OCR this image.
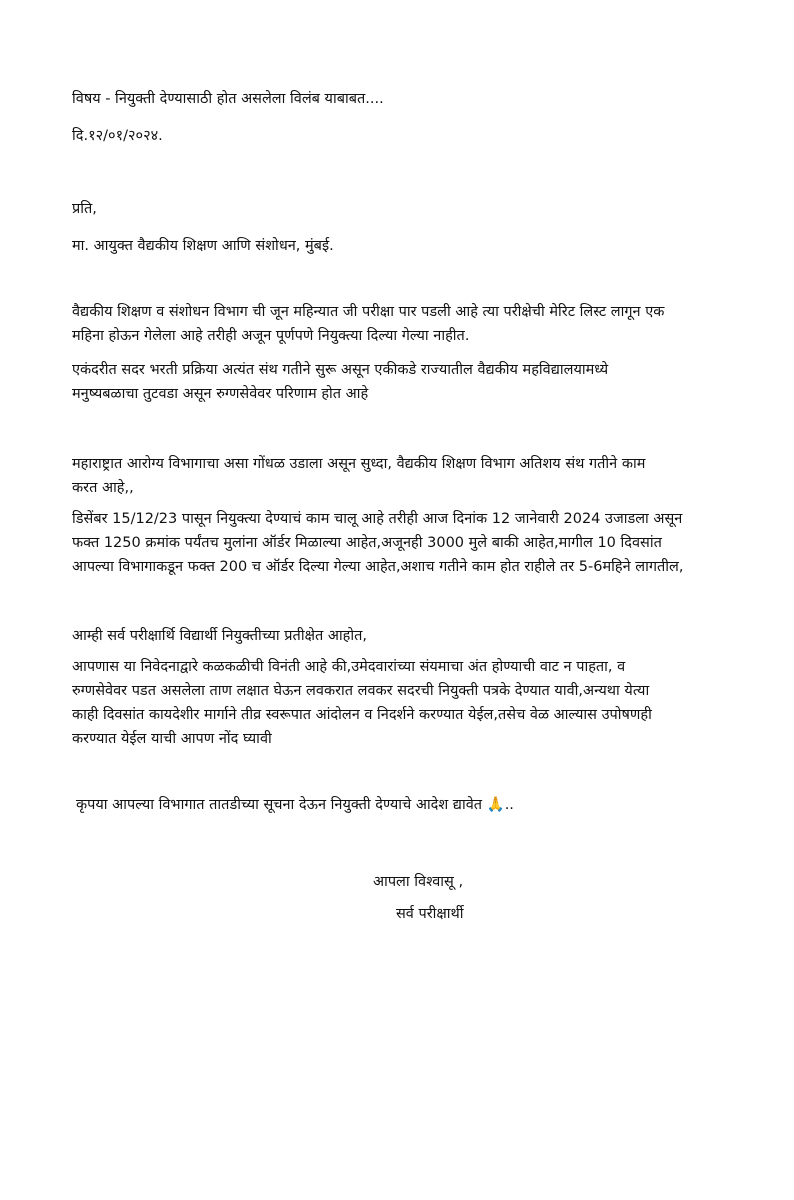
विषय - नियुक्ती देण्यासाठी होत असलेला विलंब याबाबत....
दि.१२/०१/२०२४.
प्रति,
मा. आयुक्त वैद्यकीय शिक्षण आणि संशोधन, मुंबई.
वैद्यकीय शिक्षण व संशोधन विभाग ची जून महिन्यात जी परीक्षा पार पडली आहे त्या परीक्षेची मेरिट लिस्ट लागून एक
महिना होऊन गेलेला आहे तरीही अजून पूर्णपणे नियुक्त्या दिल्या गेल्या नाहीत.
एकंदरीत सदर भरती प्रक्रिया अत्यंत संथ गतीने सुरू असून एकीकडे राज्यातील वैद्यकीय महविद्यालयामध्ये
मनुष्यबळाचा तुटवडा असून रुग्णसेवेवर परिणाम होत आहे
महाराष्ट्रात आरोग्य विभागाचा असा गोंधळ उडाला असून सुध्दा, वैद्यकीय शिक्षण विभाग अतिशय संथ गतीने काम
करत आहे,,
डिसेंबर 15/12/23 पासून नियुक्त्या देण्याचं काम चालू आहे तरीही आज दिनांक 12 जानेवारी 2024 उजाडला असून
फक्त 1250 क्रमांक पर्यंतच मुलांना ऑर्डर मिळाल्या आहेत,अजूनही 3000 मुले बाकी आहेत,मागील 10 दिवसांत
आपल्या विभागाकडून फक्त 200 च ऑर्डर दिल्या गेल्या आहेत,अशाच गतीने काम होत राहीले तर 5-6महिने लागतील,
आम्ही सर्व परीक्षार्थि विद्यार्थी नियुक्तीच्या प्रतीक्षेत आहोत,
आपणास या निवेदनाद्वारे कळकळीची विनंती आहे की,उमेदवारांच्या संयमाचा अंत होण्याची वाट न पाहता, व
रुग्णसेवेवर पडत असलेला ताण लक्षात घेऊन लवकरात लवकर सदरची नियुक्ती पत्रके देण्यात यावी,अन्यथा येत्या
काही दिवसांत कायदेशीर मार्गाने तीव्र स्वरूपात आंदोलन व निदर्शने करण्यात येईल,तसेच वेळ आल्यास उपोषणही
करण्यात येईल याची आपण नोंद घ्यावी
कृपया आपल्या विभागात तातडीच्या सूचना देऊन नियुक्ती देण्याचे आदेश द्यावेत 🙏..
आपला विश्वासू ,
सर्व परीक्षार्थी
